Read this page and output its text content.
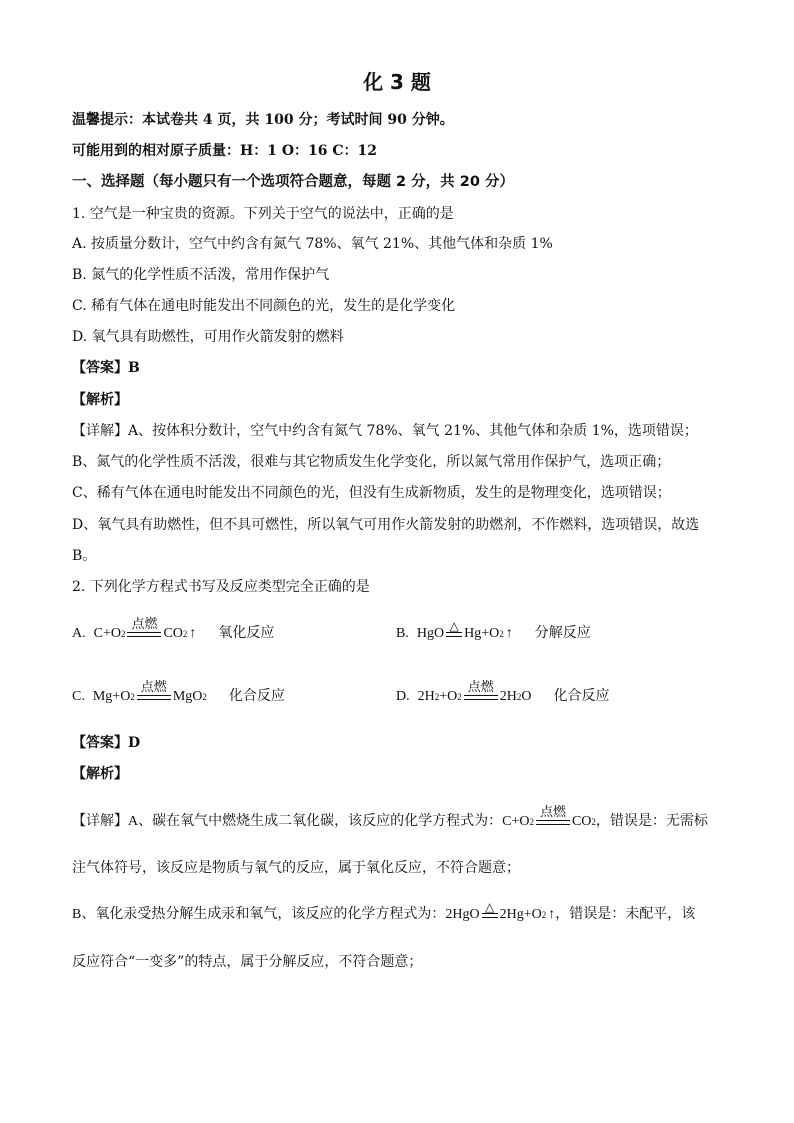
化 3 题
温馨提示：本试卷共 4 页，共 100 分；考试时间 90 分钟。
可能用到的相对原子质量：H：1 O：16 C：12
一、选择题（每小题只有一个选项符合题意，每题 2 分，共 20 分）
1. 空气是一种宝贵的资源。下列关于空气的说法中，正确的是
A. 按质量分数计，空气中约含有氮气 78%、氧气 21%、其他气体和杂质 1%
B. 氮气的化学性质不活泼，常用作保护气
C. 稀有气体在通电时能发出不同颜色的光，发生的是化学变化
D. 氧气具有助燃性，可用作火箭发射的燃料
【答案】B
【解析】
【详解】A、按体积分数计，空气中约含有氮气 78%、氧气 21%、其他气体和杂质 1%，选项错误；
B、氮气的化学性质不活泼，很难与其它物质发生化学变化，所以氮气常用作保护气，选项正确；
C、稀有气体在通电时能发出不同颜色的光，但没有生成新物质，发生的是物理变化，选项错误；
D、氧气具有助燃性，但不具可燃性，所以氧气可用作火箭发射的助燃剂，不作燃料，选项错误，故选
B。
2. 下列化学方程式书写及反应类型完全正确的是
A. C+O 2
点燃
CO 2 ↑ 氧化反应	B. HgO △ Hg+O 2 ↑ 分解反应
C. Mg+O 2
点燃
MgO 2 化合反应	D. 2H 2 +O 2
点燃
2H 2 O 化合反应
【答案】D
【解析】
【详解】A、碳在氧气中燃烧生成二氧化碳，该反应的化学方程式为： C+O 2
点燃
CO 2 ，错误是：无需标
注气体符号，该反应是物质与氧气的反应，属于氧化反应，不符合题意；
B、氧化汞受热分解生成汞和氧气，该反应的化学方程式为： 2HgO △ 2Hg+O 2 ↑ ，错误是：未配平，该
反应符合“一变多”的特点，属于分解反应，不符合题意；
